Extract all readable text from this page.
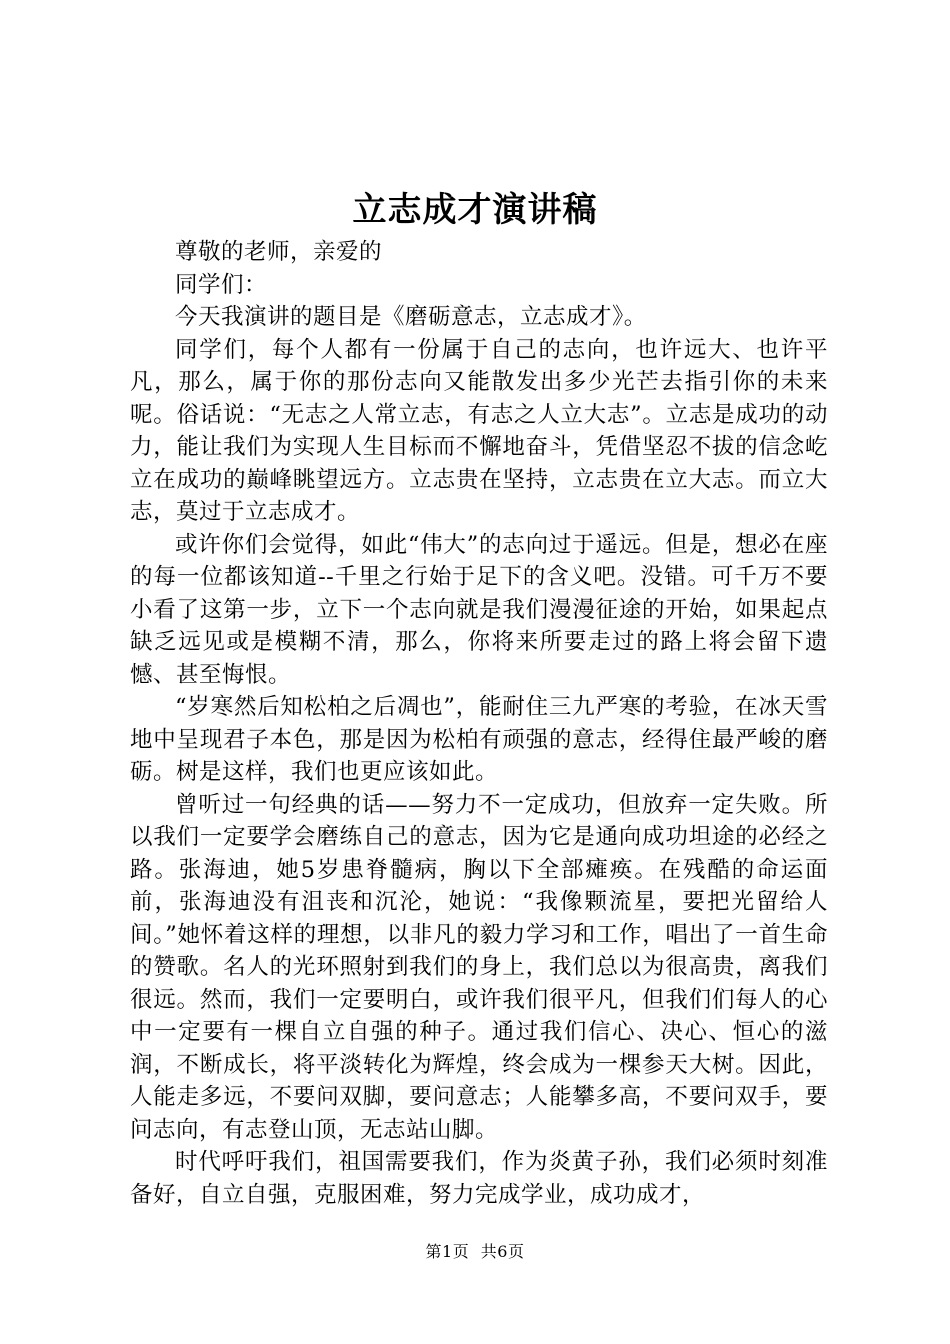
立志成才演讲稿

尊敬的老师，亲爱的

同学们：

今天我演讲的题目是《磨砺意志，立志成才》。

同学们，每个人都有一份属于自己的志向，也许远大、也许平凡，那么，属于你的那份志向又能散发出多少光芒去指引你的未来呢。俗话说：“无志之人常立志，有志之人立大志”。立志是成功的动力，能让我们为实现人生目标而不懈地奋斗，凭借坚忍不拔的信念屹立在成功的巅峰眺望远方。立志贵在坚持，立志贵在立大志。而立大志，莫过于立志成才。

或许你们会觉得，如此“伟大”的志向过于遥远。但是，想必在座的每一位都该知道--千里之行始于足下的含义吧。没错。可千万不要小看了这第一步，立下一个志向就是我们漫漫征途的开始，如果起点缺乏远见或是模糊不清，那么，你将来所要走过的路上将会留下遗憾、甚至悔恨。

“岁寒然后知松柏之后凋也”，能耐住三九严寒的考验，在冰天雪地中呈现君子本色，那是因为松柏有顽强的意志，经得住最严峻的磨砺。树是这样，我们也更应该如此。

曾听过一句经典的话——努力不一定成功，但放弃一定失败。所以我们一定要学会磨练自己的意志，因为它是通向成功坦途的必经之路。张海迪，她5岁患脊髓病，胸以下全部瘫痪。在残酷的命运面前，张海迪没有沮丧和沉沦，她说：“我像颗流星，要把光留给人间。”她怀着这样的理想，以非凡的毅力学习和工作，唱出了一首生命的赞歌。名人的光环照射到我们的身上，我们总以为很高贵，离我们很远。然而，我们一定要明白，或许我们很平凡，但我们们每人的心中一定要有一棵自立自强的种子。通过我们信心、决心、恒心的滋润，不断成长，将平淡转化为辉煌，终会成为一棵参天大树。因此，人能走多远，不要问双脚，要问意志；人能攀多高，不要问双手，要问志向，有志登山顶，无志站山脚。

时代呼吁我们，祖国需要我们，作为炎黄子孙，我们必须时刻准备好，自立自强，克服困难，努力完成学业，成功成才，

第1页 共6页
